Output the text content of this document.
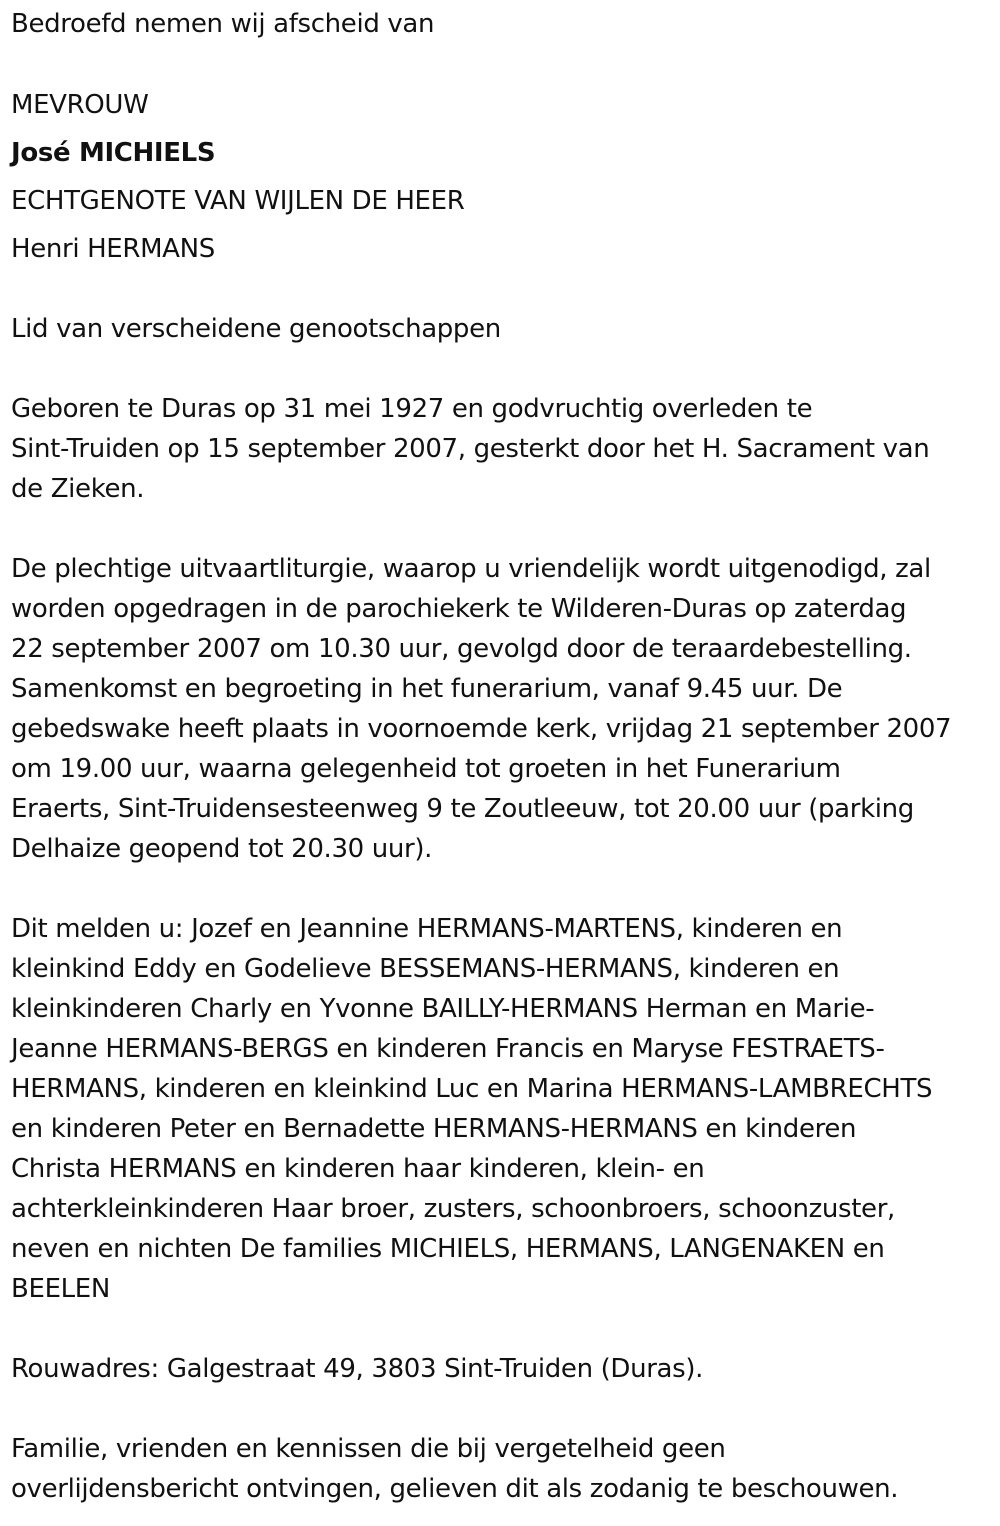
Bedroefd nemen wij afscheid van
MEVROUW
José MICHIELS
ECHTGENOTE VAN WIJLEN DE HEER
Henri HERMANS
Lid van verscheidene genootschappen
Geboren te Duras op 31 mei 1927 en godvruchtig overleden te
Sint-Truiden op 15 september 2007, gesterkt door het H. Sacrament van
de Zieken.
De plechtige uitvaartliturgie, waarop u vriendelijk wordt uitgenodigd, zal
worden opgedragen in de parochiekerk te Wilderen-Duras op zaterdag
22 september 2007 om 10.30 uur, gevolgd door de teraardebestelling.
Samenkomst en begroeting in het funerarium, vanaf 9.45 uur. De
gebedswake heeft plaats in voornoemde kerk, vrijdag 21 september 2007
om 19.00 uur, waarna gelegenheid tot groeten in het Funerarium
Eraerts, Sint-Truidensesteenweg 9 te Zoutleeuw, tot 20.00 uur (parking
Delhaize geopend tot 20.30 uur).
Dit melden u: Jozef en Jeannine HERMANS-MARTENS, kinderen en
kleinkind Eddy en Godelieve BESSEMANS-HERMANS, kinderen en
kleinkinderen Charly en Yvonne BAILLY-HERMANS Herman en Marie-
Jeanne HERMANS-BERGS en kinderen Francis en Maryse FESTRAETS-
HERMANS, kinderen en kleinkind Luc en Marina HERMANS-LAMBRECHTS
en kinderen Peter en Bernadette HERMANS-HERMANS en kinderen
Christa HERMANS en kinderen haar kinderen, klein- en
achterkleinkinderen Haar broer, zusters, schoonbroers, schoonzuster,
neven en nichten De families MICHIELS, HERMANS, LANGENAKEN en
BEELEN
Rouwadres: Galgestraat 49, 3803 Sint-Truiden (Duras).
Familie, vrienden en kennissen die bij vergetelheid geen
overlijdensbericht ontvingen, gelieven dit als zodanig te beschouwen.
